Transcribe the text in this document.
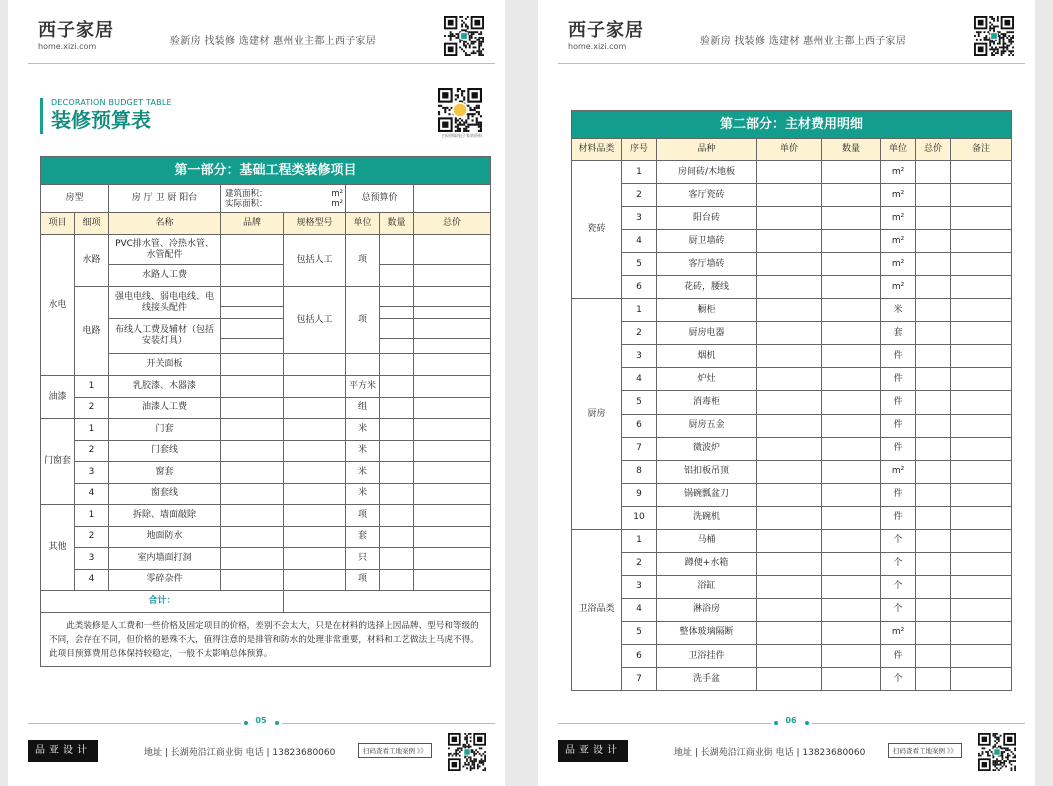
西子家居
home.xizi.com	验新房 找装修 选建材 惠州业主都上西子家居
DECORATION BUDGET TABLE
装修预算表
扫码领取电子家装资料
第一部分：基础工程类装修项目							
房型		房 厅 卫 厨 阳台	建筑面积： m²
实际面积： m²		总预算价		
项目	细项	名称	品牌	规格型号	单位	数量	总价
水电	水路	PVC排水管、冷热水管、水管配件		包括人工	项		
		水路人工费					
	电路	强电电线、弱电电线、电线接头配件		包括人工	项		

		布线人工费及辅材（包括安装灯具）					

		开关面板					
油漆	1	乳胶漆、木器漆			平方米		
	2	油漆人工费			组		
门窗套	1	门套			米		
	2	门套线			米		
	3	窗套			米		
	4	窗套线			米		
其他	1	拆除、墙面敲除			项		
	2	地面防水			套		
	3	室内墙面打洞			只		
	4	零碎杂件			项		
合计：							
此类装修是人工费和一些价格及固定项目的价格，差别不会太大，只是在材料的选择上因品牌、型号和等级的不同，会存在不同，但价格的悬殊不大，值得注意的是排管和防水的处理非常重要，材料和工艺做法上马虎不得。此项目预算费用总体保持较稳定，一般不太影响总体预算。							
05
品亚设计	地址 | 长湖苑沿江商业街 电话 | 13823680060	扫码查看工地案例 》》
西子家居
home.xizi.com	验新房 找装修 选建材 惠州业主都上西子家居
第二部分：主材费用明细							
材料品类	序号	品种	单价	数量	单位	总价	备注
瓷砖	1	房间砖/木地板			m²		
	2	客厅瓷砖			m²		
	3	阳台砖			m²		
	4	厨卫墙砖			m²		
	5	客厅墙砖			m²		
	6	花砖，腰线			m²		
厨房	1	橱柜			米		
	2	厨房电器			套		
	3	烟机			件		
	4	炉灶			件		
	5	消毒柜			件		
	6	厨房五金			件		
	7	微波炉			件		
	8	铝扣板吊顶			m²		
	9	锅碗瓢盆刀			件		
	10	洗碗机			件		
卫浴品类	1	马桶			个		
	2	蹲便+水箱			个		
	3	浴缸			个		
	4	淋浴房			个		
	5	整体玻璃隔断			m²		
	6	卫浴挂件			件		
	7	洗手盆			个		
06
品亚设计	地址 | 长湖苑沿江商业街 电话 | 13823680060	扫码查看工地案例 》》
